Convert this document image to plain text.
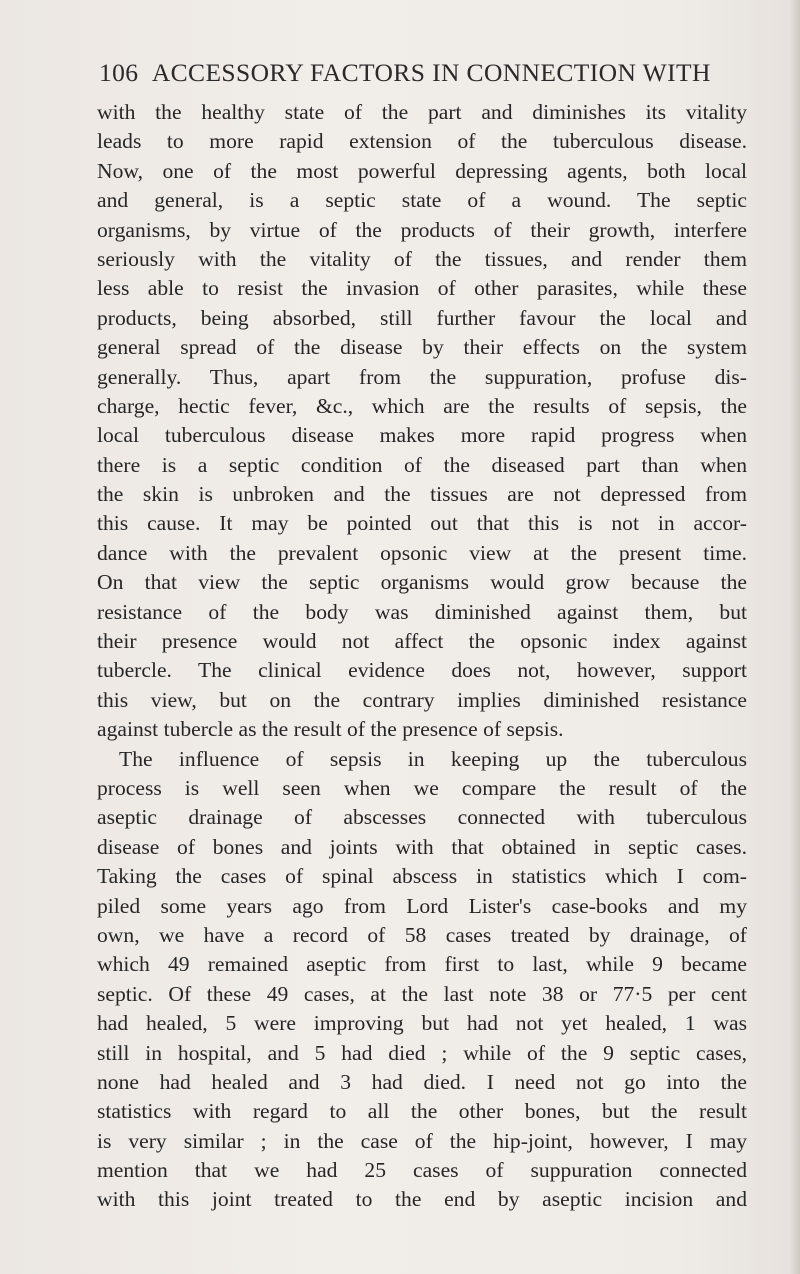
106 ACCESSORY FACTORS IN CONNECTION WITH
with the healthy state of the part and diminishes its vitality
leads to more rapid extension of the tuberculous disease.
Now, one of the most powerful depressing agents, both local
and general, is a septic state of a wound. The septic
organisms, by virtue of the products of their growth, interfere
seriously with the vitality of the tissues, and render them
less able to resist the invasion of other parasites, while these
products, being absorbed, still further favour the local and
general spread of the disease by their effects on the system
generally. Thus, apart from the suppuration, profuse dis-
charge, hectic fever, &c., which are the results of sepsis, the
local tuberculous disease makes more rapid progress when
there is a septic condition of the diseased part than when
the skin is unbroken and the tissues are not depressed from
this cause. It may be pointed out that this is not in accor-
dance with the prevalent opsonic view at the present time.
On that view the septic organisms would grow because the
resistance of the body was diminished against them, but
their presence would not affect the opsonic index against
tubercle. The clinical evidence does not, however, support
this view, but on the contrary implies diminished resistance
against tubercle as the result of the presence of sepsis.
The influence of sepsis in keeping up the tuberculous
process is well seen when we compare the result of the
aseptic drainage of abscesses connected with tuberculous
disease of bones and joints with that obtained in septic cases.
Taking the cases of spinal abscess in statistics which I com-
piled some years ago from Lord Lister's case-books and my
own, we have a record of 58 cases treated by drainage, of
which 49 remained aseptic from first to last, while 9 became
septic. Of these 49 cases, at the last note 38 or 77·5 per cent
had healed, 5 were improving but had not yet healed, 1 was
still in hospital, and 5 had died ; while of the 9 septic cases,
none had healed and 3 had died. I need not go into the
statistics with regard to all the other bones, but the result
is very similar ; in the case of the hip-joint, however, I may
mention that we had 25 cases of suppuration connected
with this joint treated to the end by aseptic incision and
